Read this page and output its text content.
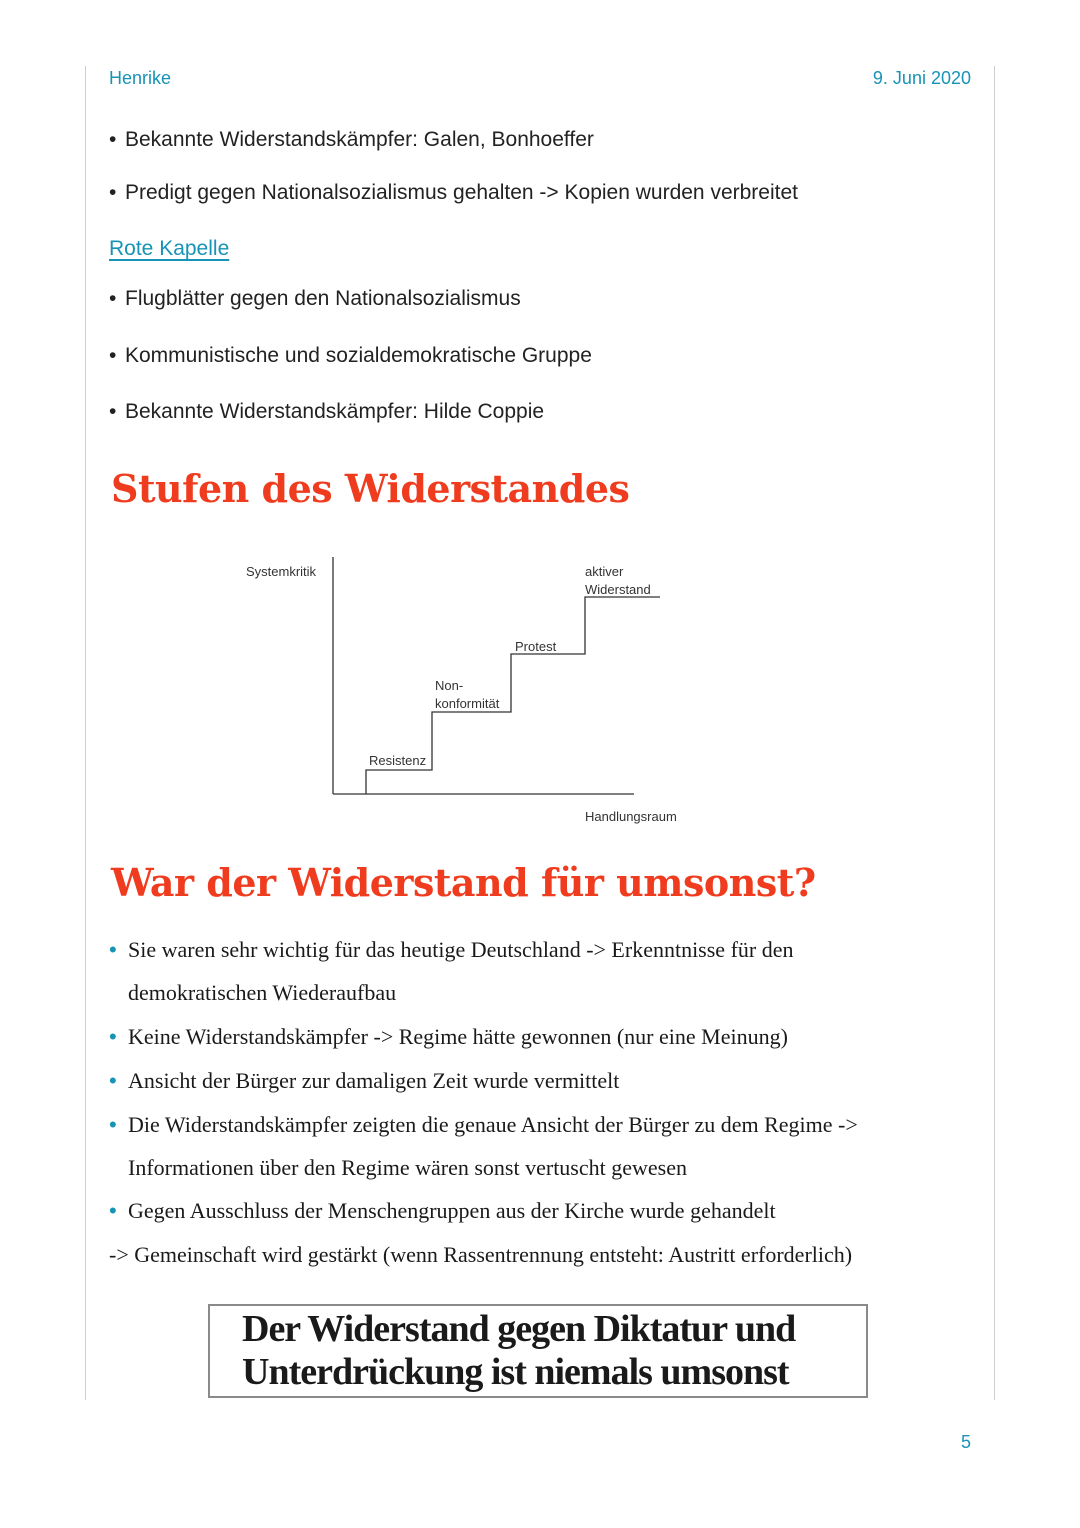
Henrike	9. Juni 2020
• Bekannte Widerstandskämpfer: Galen, Bonhoeffer
• Predigt gegen Nationalsozialismus gehalten -> Kopien wurden verbreitet
Rote Kapelle
• Flugblätter gegen den Nationalsozialismus
• Kommunistische und sozialdemokratische Gruppe
• Bekannte Widerstandskämpfer: Hilde Coppie
Stufen des Widerstandes
Systemkritik
Handlungsraum
Resistenz
Non-
konformität
Protest
aktiver
Widerstand
War der Widerstand für umsonst?
• Sie waren sehr wichtig für das heutige Deutschland -> Erkenntnisse für den
demokratischen Wiederaufbau
• Keine Widerstandskämpfer -> Regime hätte gewonnen (nur eine Meinung)
• Ansicht der Bürger zur damaligen Zeit wurde vermittelt
• Die Widerstandskämpfer zeigten die genaue Ansicht der Bürger zu dem Regime ->
Informationen über den Regime wären sonst vertuscht gewesen
• Gegen Ausschluss der Menschengruppen aus der Kirche wurde gehandelt
-> Gemeinschaft wird gestärkt (wenn Rassentrennung entsteht: Austritt erforderlich)
Der Widerstand gegen Diktatur und
Unterdrückung ist niemals umsonst
5
